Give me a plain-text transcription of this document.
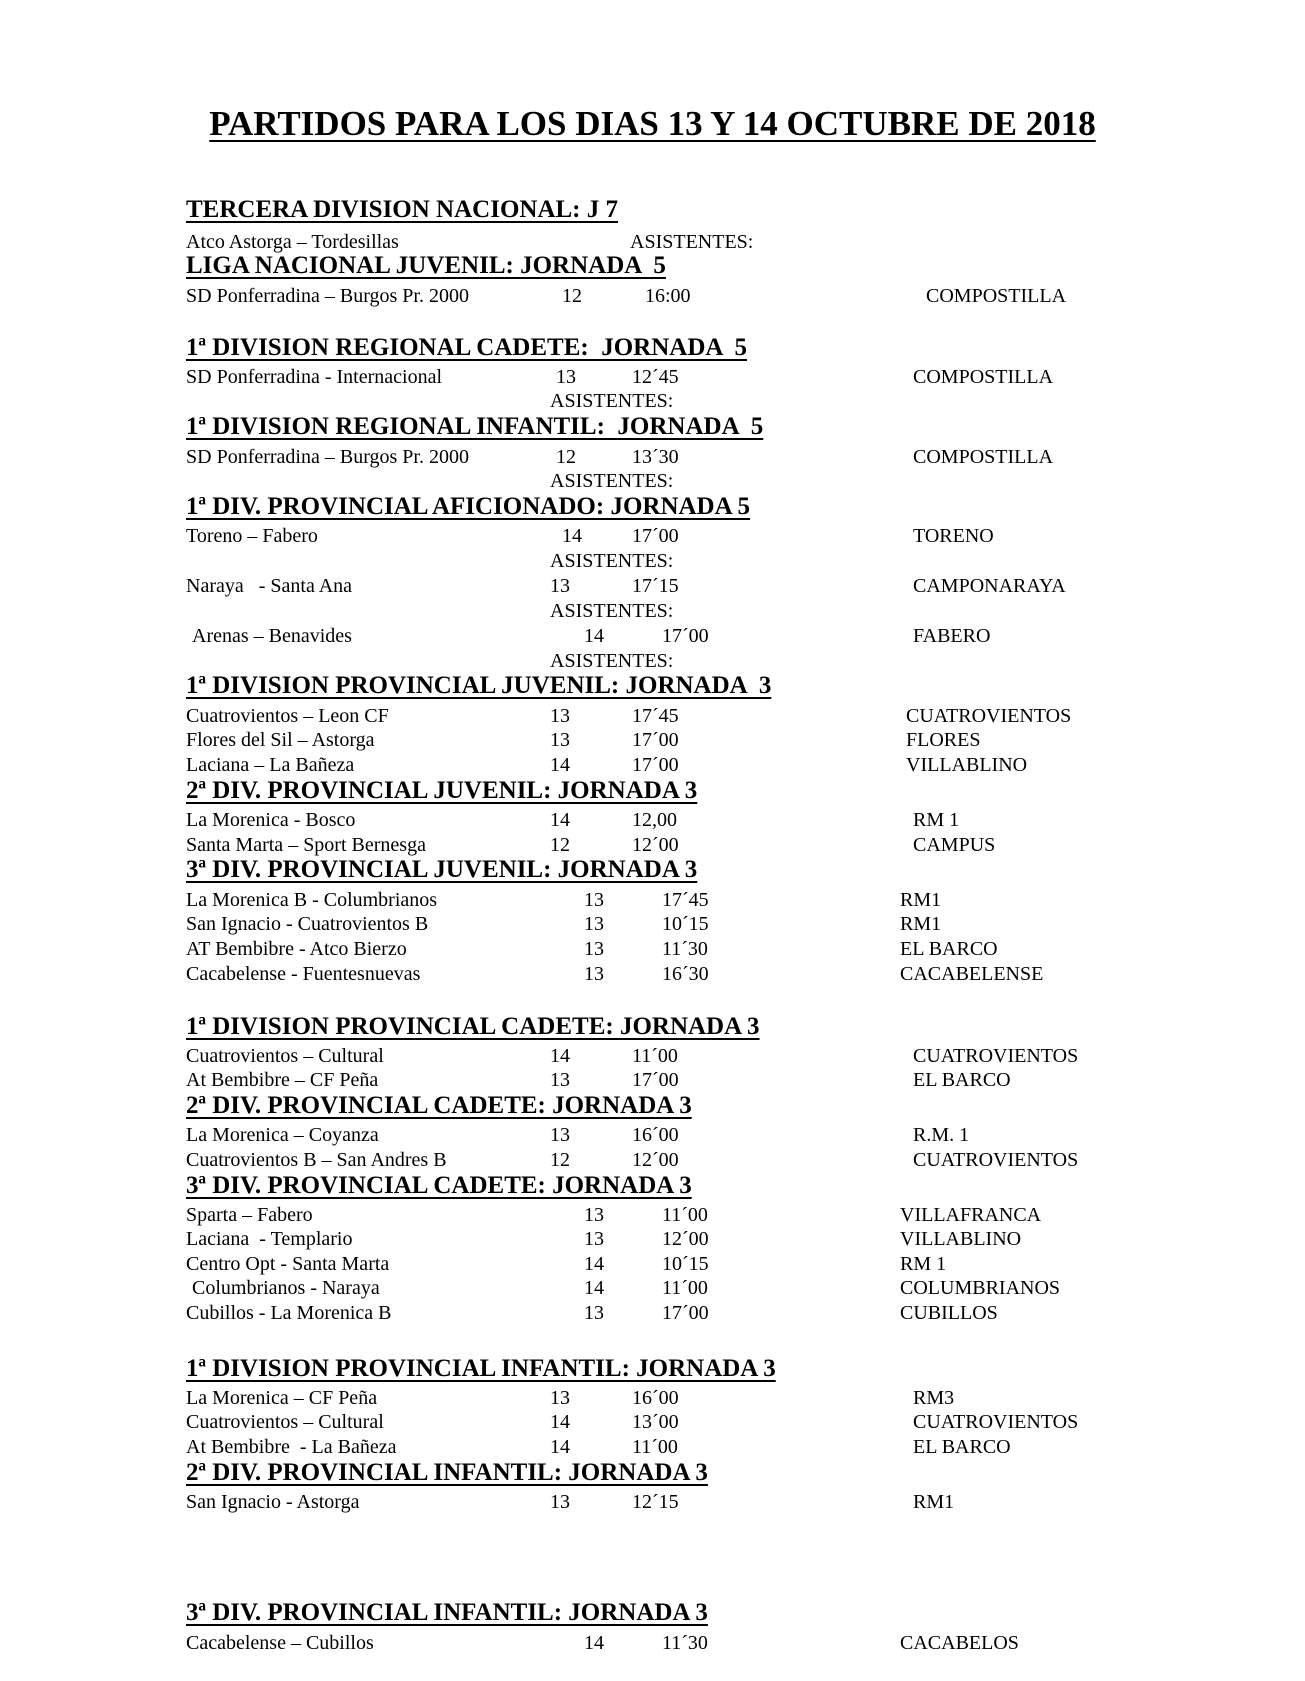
PARTIDOS PARA LOS DIAS 13 Y 14 OCTUBRE DE 2018
TERCERA DIVISION NACIONAL: J 7
Atco Astorga – Tordesillas	ASISTENTES:
LIGA NACIONAL JUVENIL: JORNADA  5
SD Ponferradina – Burgos Pr. 2000	12	16:00	COMPOSTILLA
1ª DIVISION REGIONAL CADETE:  JORNADA  5
SD Ponferradina - Internacional	13	12´45	COMPOSTILLA
ASISTENTES:
1ª DIVISION REGIONAL INFANTIL:  JORNADA  5
SD Ponferradina – Burgos Pr. 2000	12	13´30	COMPOSTILLA
ASISTENTES:
1ª DIV. PROVINCIAL AFICIONADO: JORNADA 5
Toreno – Fabero	14	17´00	TORENO
ASISTENTES:
Naraya   - Santa Ana	13	17´15	CAMPONARAYA
ASISTENTES:
Arenas – Benavides	14	17´00	FABERO
ASISTENTES:
1ª DIVISION PROVINCIAL JUVENIL: JORNADA  3
Cuatrovientos – Leon CF	13	17´45	CUATROVIENTOS
Flores del Sil – Astorga	13	17´00	FLORES
Laciana – La Bañeza	14	17´00	VILLABLINO
2ª DIV. PROVINCIAL JUVENIL: JORNADA 3
La Morenica - Bosco	14	12,00	RM 1
Santa Marta – Sport Bernesga	12	12´00	CAMPUS
3ª DIV. PROVINCIAL JUVENIL: JORNADA 3
La Morenica B - Columbrianos	13	17´45	RM1
San Ignacio - Cuatrovientos B	13	10´15	RM1
AT Bembibre - Atco Bierzo	13	11´30	EL BARCO
Cacabelense - Fuentesnuevas	13	16´30	CACABELENSE
1ª DIVISION PROVINCIAL CADETE: JORNADA 3
Cuatrovientos – Cultural	14	11´00	CUATROVIENTOS
At Bembibre – CF Peña	13	17´00	EL BARCO
2ª DIV. PROVINCIAL CADETE: JORNADA 3
La Morenica – Coyanza	13	16´00	R.M. 1
Cuatrovientos B – San Andres B	12	12´00	CUATROVIENTOS
3ª DIV. PROVINCIAL CADETE: JORNADA 3
Sparta – Fabero	13	11´00	VILLAFRANCA
Laciana  - Templario	13	12´00	VILLABLINO
Centro Opt - Santa Marta	14	10´15	RM 1
Columbrianos - Naraya	14	11´00	COLUMBRIANOS
Cubillos - La Morenica B	13	17´00	CUBILLOS
1ª DIVISION PROVINCIAL INFANTIL: JORNADA 3
La Morenica – CF Peña	13	16´00	RM3
Cuatrovientos – Cultural	14	13´00	CUATROVIENTOS
At Bembibre  - La Bañeza	14	11´00	EL BARCO
2ª DIV. PROVINCIAL INFANTIL: JORNADA 3
San Ignacio - Astorga	13	12´15	RM1
3ª DIV. PROVINCIAL INFANTIL: JORNADA 3
Cacabelense – Cubillos	14	11´30	CACABELOS
